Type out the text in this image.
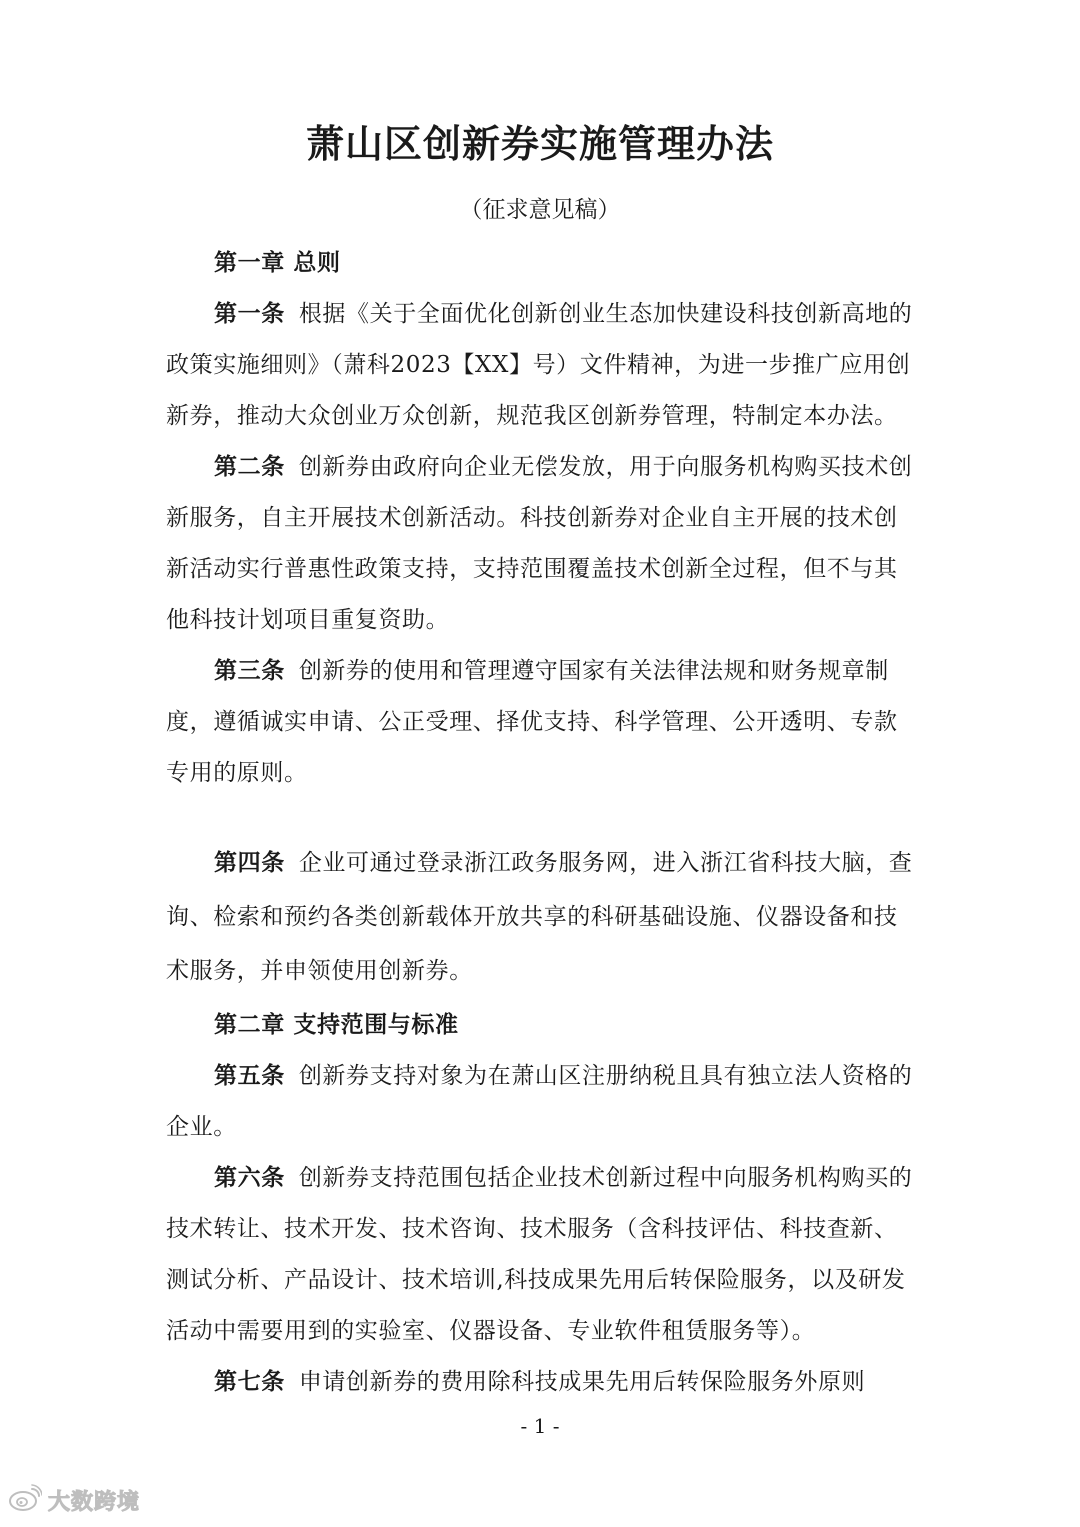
萧山区创新券实施管理办法
（征求意见稿）

第一章 总则

第一条 根据《关于全面优化创新创业生态加快建设科技创新高地的政策实施细则》（萧科2023【XX】号）文件精神，为进一步推广应用创新券，推动大众创业万众创新，规范我区创新券管理，特制定本办法。

第二条 创新券由政府向企业无偿发放，用于向服务机构购买技术创新服务，自主开展技术创新活动。科技创新券对企业自主开展的技术创新活动实行普惠性政策支持，支持范围覆盖技术创新全过程，但不与其他科技计划项目重复资助。

第三条 创新券的使用和管理遵守国家有关法律法规和财务规章制度，遵循诚实申请、公正受理、择优支持、科学管理、公开透明、专款专用的原则。

第四条 企业可通过登录浙江政务服务网，进入浙江省科技大脑，查询、检索和预约各类创新载体开放共享的科研基础设施、仪器设备和技术服务，并申领使用创新券。

第二章 支持范围与标准

第五条 创新券支持对象为在萧山区注册纳税且具有独立法人资格的企业。

第六条 创新券支持范围包括企业技术创新过程中向服务机构购买的技术转让、技术开发、技术咨询、技术服务（含科技评估、科技查新、测试分析、产品设计、技术培训,科技成果先用后转保险服务，以及研发活动中需要用到的实验室、仪器设备、专业软件租赁服务等）。

第七条 申请创新券的费用除科技成果先用后转保险服务外原则

- 1 -
大数跨境
